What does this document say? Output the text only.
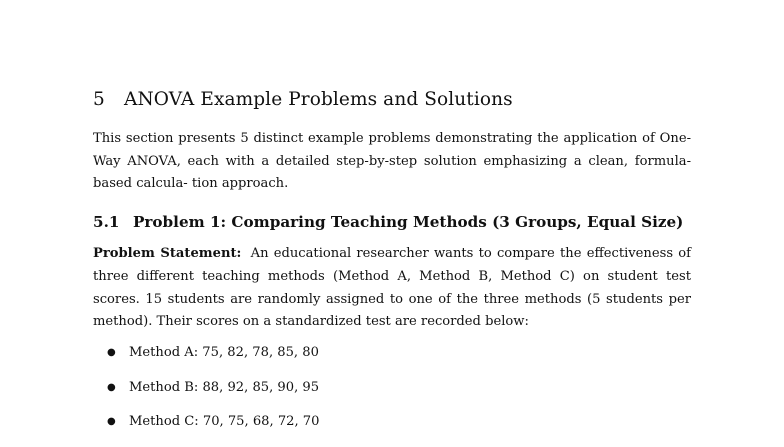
5 ANOVA Example Problems and Solutions

This section presents 5 distinct example problems demonstrating the application of One-Way ANOVA, each with a detailed step-by-step solution emphasizing a clean, formula-based calcula- tion approach.

5.1 Problem 1: Comparing Teaching Methods (3 Groups, Equal Size)

Problem Statement: An educational researcher wants to compare the effectiveness of three different teaching methods (Method A, Method B, Method C) on student test scores. 15 students are randomly assigned to one of the three methods (5 students per method). Their scores on a standardized test are recorded below:

●	Method A: 75, 82, 78, 85, 80
●	Method B: 88, 92, 85, 90, 95
●	Method C: 70, 75, 68, 72, 70
